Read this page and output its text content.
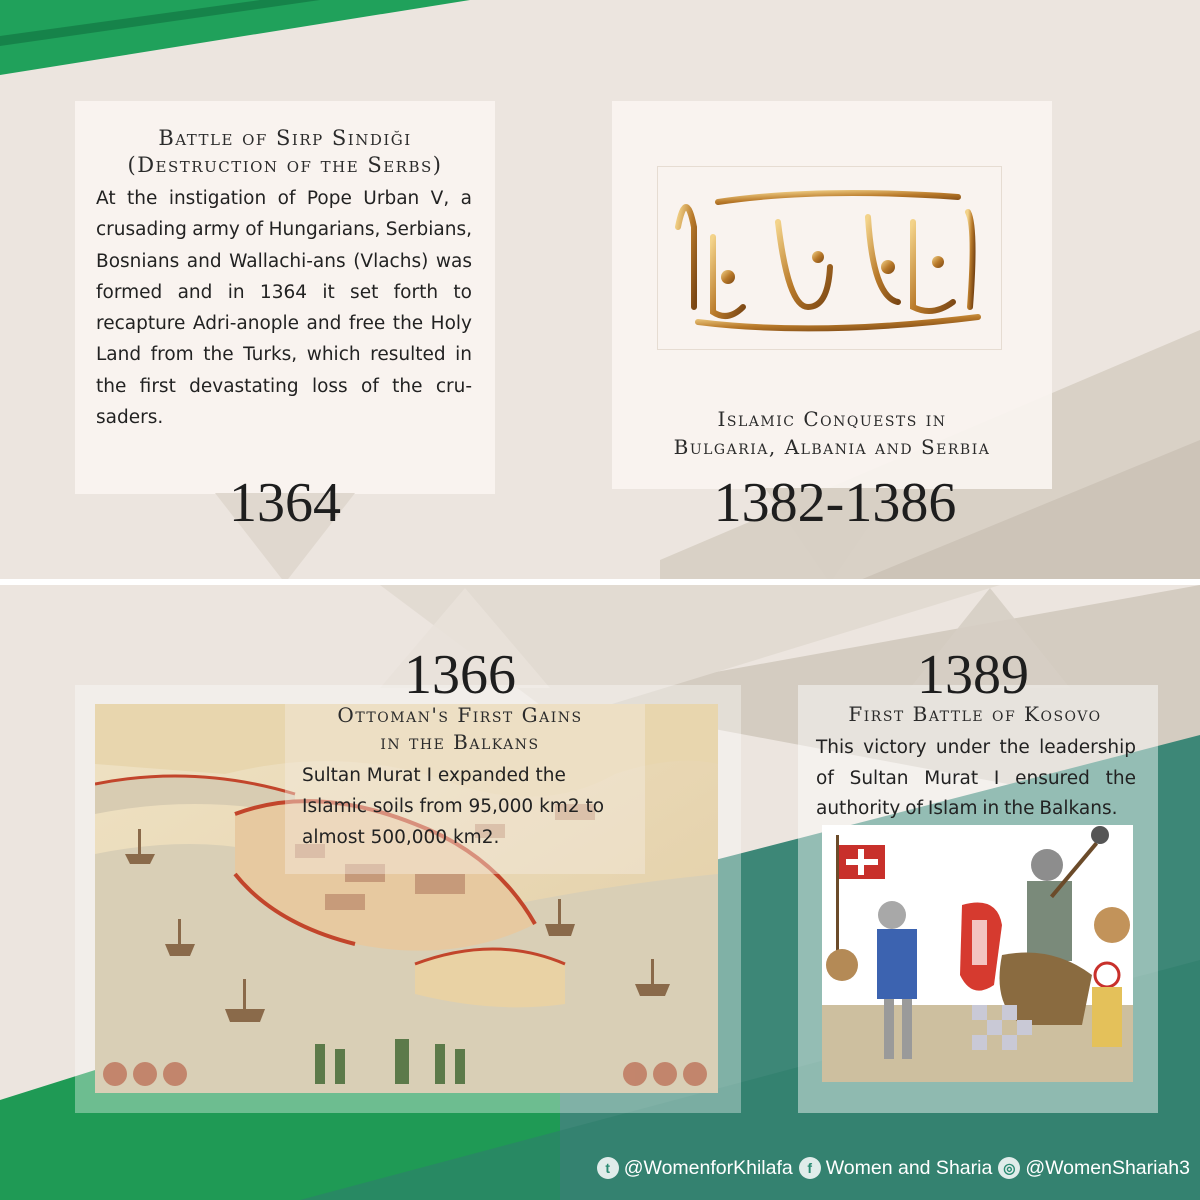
Battle of Sirp Sındığı (Destruction of the Serbs)
At the instigation of Pope Urban V, a crusading army of Hungarians, Serbians, Bosnians and Wallachi-ans (Vlachs) was formed and in 1364 it set forth to recapture Adri-anople and free the Holy Land from the Turks, which resulted in the first devastating loss of the cru-saders.
1364
Islamic Conquests in
Bulgaria, Albania and Serbia
1382-1386
1366
Ottoman's First Gains
in the Balkans
Sultan Murat I expanded the Islamic soils from 95,000 km2 to almost 500,000 km2.
1389
First Battle of Kosovo
This victory under the leadership of Sultan Murat I ensured the authority of Islam in the Balkans.
t @WomenforKhilafa	f Women and Sharia ◎ @WomenShariah3
